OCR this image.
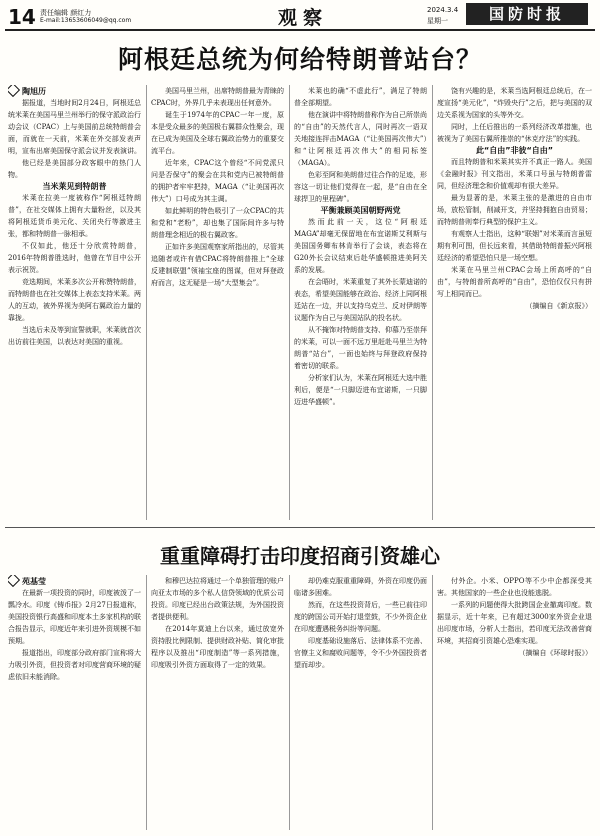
14 责任编辑 颜红力
E-mail:13653606049@qq.com	观察	2024.3.4
星期一	国防时报
阿根廷总统为何给特朗普站台？

陶旭历

据报道，当地时间2月24日，阿根廷总统米莱在美国马里兰州举行的保守派政治行动会议（CPAC）上与美国前总统特朗普会面，而就在一天前，米莱在外交部发表声明，宣布出席美国保守派会议并发表演讲。

他已经是美国部分政客眼中的热门人物。

当米莱见到特朗普

米莱在拉美一度被称作“阿根廷特朗普”，在社交媒体上拥有大量粉丝，以及其将阿根廷货币美元化、关闭央行等激进主张，都和特朗普一脉相承。

不仅如此，他还十分欣赏特朗普，2016年特朗普胜选时，他曾在节目中公开表示祝贺。

竞选期间，米莱多次公开称赞特朗普，而特朗普也在社交媒体上表态支持米莱。两人的互动，被外界视为美阿右翼政治力量的靠拢。

当选后未及等到宣誓就职，米莱就首次出访前往美国，以表达对美国的重视。

美国马里兰州，出席特朗普最为青睐的CPAC时，外界几乎未表现出任何意外。

诞生于1974年的CPAC一年一度，原本是受众最多的美国极右翼群众性聚会，现在已成为美国及全球右翼政治势力的重要交流平台。

近年来，CPAC这个曾经“不问党派只问是否保守”的聚会在共和党内已被特朗普的拥护者牢牢把持，MAGA（“让美国再次伟大”）口号成为其主调。

如此鲜明的特色吸引了一众CPAC的共和党和“老粉”，却也集了国际间许多与特朗普理念相近的极右翼政客。

正如许多美国观察家所指出的，尽管其追随者或许有借CPAC将特朗普推上“全球反建制联盟”领袖宝座的图谋，但对拜登政府而言，这无疑是一场“大型集会”。

米莱也的确“不虚此行”，满足了特朗普全部期望。

他在演讲中将特朗普称作为自己所崇尚的“自由”的天然代言人，同时再次一语双关地接连抨击MAGA（“让美国再次伟大”）和“让阿根廷再次伟大”的相同标签（MAGA）。

色彩至阿和美朗普过往合作的足迹，形容这一切让他们觉得在一起，是“自由在全球捍卫的里程碑”。

平衡兼顾美国朝野两党

然而此前一天，这位“阿根廷MAGA”却毫无保留地在布宜诺斯艾利斯与美国国务卿布林肯举行了会谈，表态将在G20外长会议结束后赴华盛顿推进美阿关系的发展。

在会晤时，米莱重复了其外长蒙迪诺的表态，希望美国能够在政治、经济上同阿根廷站在一边，并以支持乌克兰、反对伊朗等议题作为自己与美国站队的投名状。

从不掩饰对特朗普支持、仰慕乃至崇拜的米莱，可以一面不远万里赶赴马里兰为特朗普“站台”，一面也始终与拜登政府保持着密切的联系。

分析家们认为，米莱在阿根廷大选中胜利后，便是“一只脚迈进布宜诺斯，一只脚迈进华盛顿”。

饶有兴趣的是，米莱当选阿根廷总统后，在一度宣扬“美元化”，“炸毁央行”之后，把与美国的双边关系视为国家的头等外交。

同时，上任后推出的一系列经济改革措施，也被视为了美国右翼所推崇的“休克疗法”的实践。

此“自由”非彼“自由”

而且特朗普和米莱其实并不真正一路人。美国《金融时报》刊文指出，米莱口号虽与特朗普雷同，但经济理念和价值观却有很大差异。

最为显著的是，米莱主张的是激进的自由市场，放松管制，削减开支，并坚持拥抱自由贸易；而特朗普则奉行典型的保护主义。

有观察人士指出，这种“联姻”对米莱而言虽短期有利可图，但长远来看，其借助特朗普振兴阿根廷经济的希望恐怕只是一场空想。

米莱在马里兰州CPAC会场上所高呼的“自由”，与特朗普所高呼的“自由”，恐怕仅仅只有拼写上相同而已。

（摘编自《新京报》）

重重障碍打击印度招商引资雄心

苑基莹

在最新一项投资的同时，印度被泼了一瓢冷水。印度《铸币报》2月27日报道称，美国投资银行高盛和印度本土多家机构的联合报告显示，印度近年来引进外资规模不如预期。

报道指出，印度部分政府部门宣称将大力吸引外资，但投资者对印度营商环境的疑虑依旧未能消除。

和穆巴达拉将通过一个单独管理的账户向亚太市场的多个私人信贷领域的优质公司投资。印度已经出台政策法规，为外国投资者提供便利。

在2014年莫迪上台以来，通过放宽外资持股比例限制、提供财政补贴、简化审批程序以及推出“印度制造”等一系列措施，印度吸引外资方面取得了一定的效果。

却仍难克服重重障碍，外资在印度仍面临诸多困难。

然而，在这些投资背后，一些已前往印度的跨国公司开始打退堂鼓，不少外资企业在印度遭遇税务纠纷等问题。

印度基础设施落后、法律体系不完善、官僚主义和腐败问题等，令不少外国投资者望而却步。

付外企。小米、OPPO等不少中企都深受其害。其他国家的一些企业也没能逃脱。

一系列的问题使得大批跨国企业撤离印度。数据显示，近十年来，已有超过3000家外资企业退出印度市场，分析人士指出，若印度无法改善营商环境，其招商引资雄心恐难实现。

（摘编自《环球时报》）
